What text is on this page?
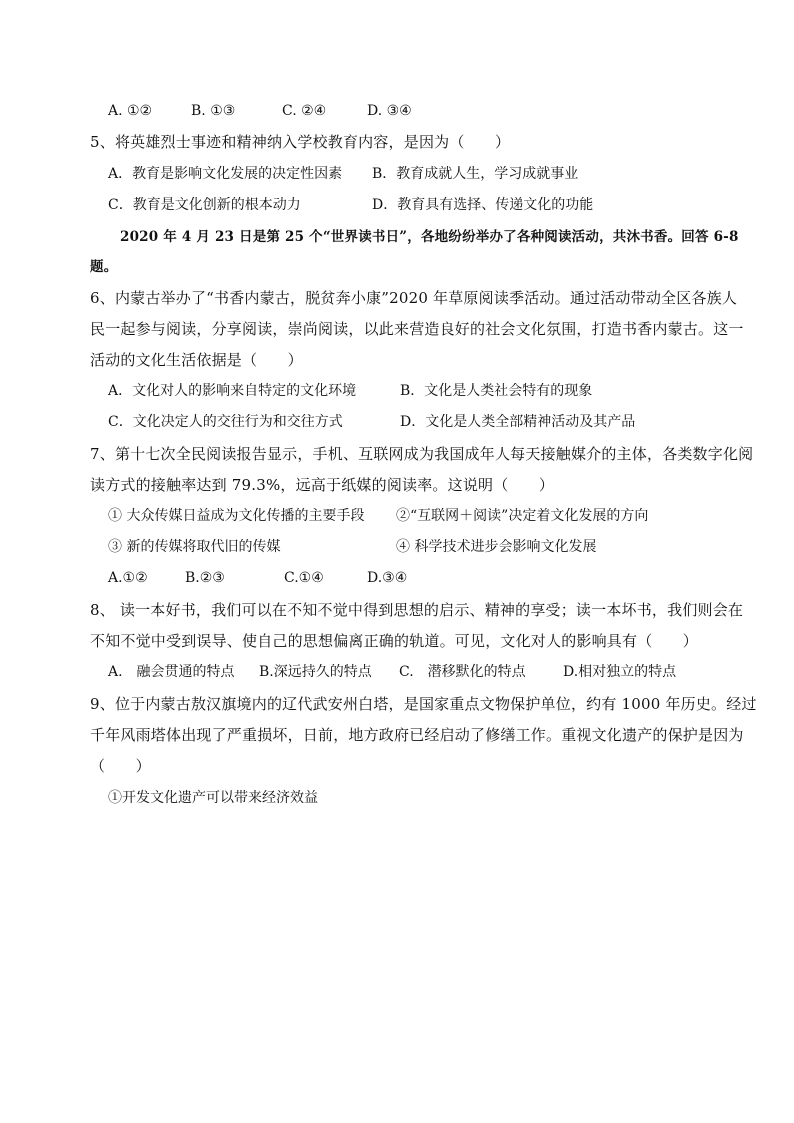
A. ①②	B. ①③	C. ②④	D. ③④
5、将英雄烈士事迹和精神纳入学校教育内容，是因为（　　）
A．教育是影响文化发展的决定性因素 B．教育成就人生，学习成就事业
C．教育是文化创新的根本动力	D．教育具有选择、传递文化的功能
2020 年 4 月 23 日是第 25 个“世界读书日”，各地纷纷举办了各种阅读活动，共沐书香。回答 6-8
题。
6、内蒙古举办了“书香内蒙古，脱贫奔小康”2020 年草原阅读季活动。通过活动带动全区各族人
民一起参与阅读，分享阅读，崇尚阅读，以此来营造良好的社会文化氛围，打造书香内蒙古。这一
活动的文化生活依据是（　　）
A．文化对人的影响来自特定的文化环境	B．文化是人类社会特有的现象
C．文化决定人的交往行为和交往方式	D．文化是人类全部精神活动及其产品
7、第十七次全民阅读报告显示，手机、互联网成为我国成年人每天接触媒介的主体，各类数字化阅
读方式的接触率达到 79.3%，远高于纸媒的阅读率。这说明（　　）
① 大众传媒日益成为文化传播的主要手段 ②“互联网＋阅读”决定着文化发展的方向
③ 新的传媒将取代旧的传媒	④ 科学技术进步会影响文化发展
A.①②	B.②③	C.①④	D.③④
8、 读一本好书，我们可以在不知不觉中得到思想的启示、精神的享受；读一本坏书，我们则会在
不知不觉中受到误导、使自己的思想偏离正确的轨道。可见，文化对人的影响具有（　　）
A.　融会贯通的特点 B.深远持久的特点 C.　潜移默化的特点	D.相对独立的特点
9、位于内蒙古敖汉旗境内的辽代武安州白塔，是国家重点文物保护单位，约有 1000 年历史。经过
千年风雨塔体出现了严重损坏，日前，地方政府已经启动了修缮工作。重视文化遗产的保护是因为
（　　）
①开发文化遗产可以带来经济效益
